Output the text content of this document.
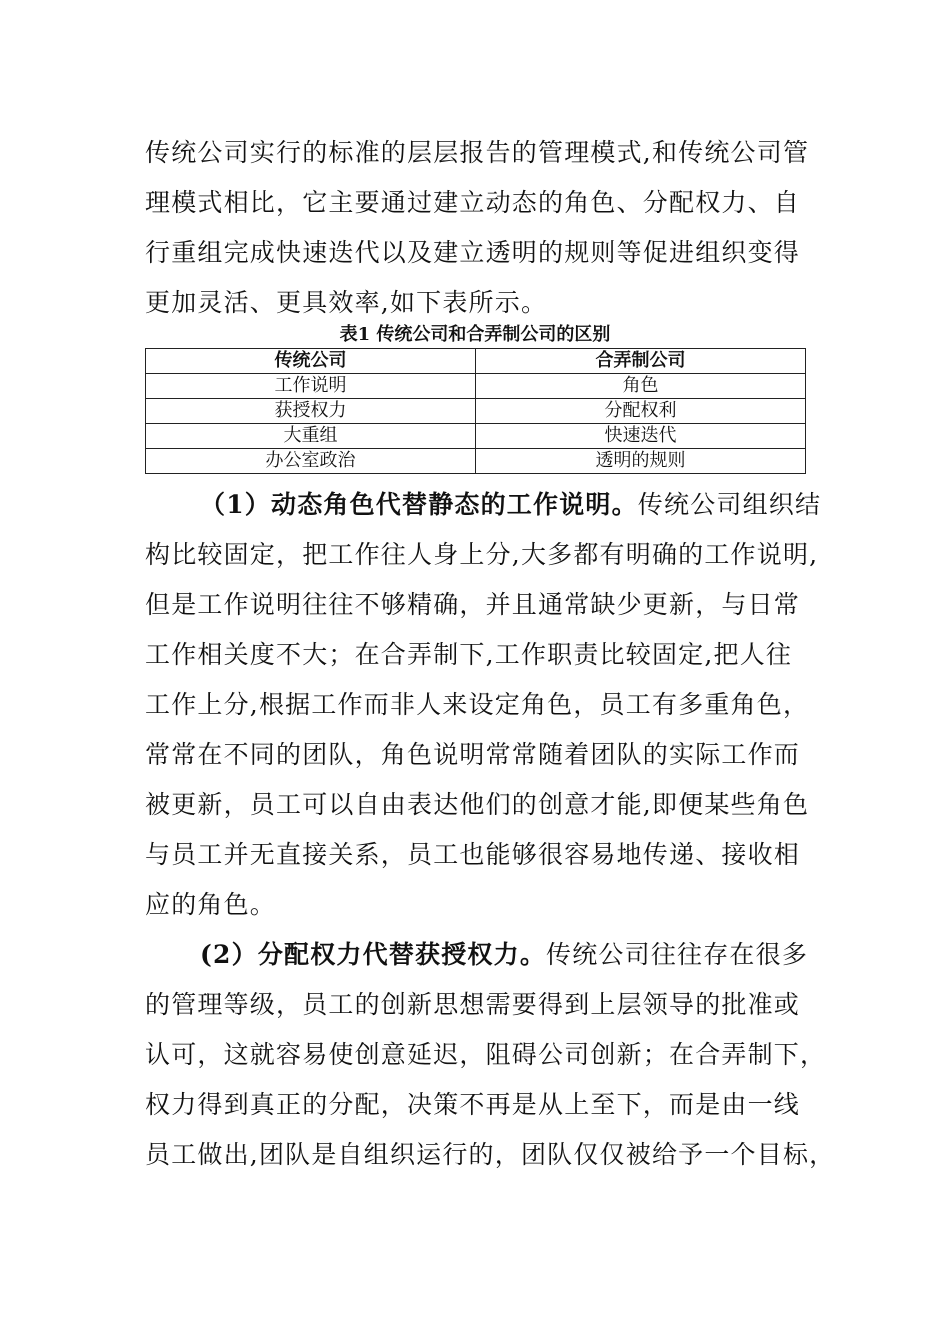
传统公司实行的标准的层层报告的管理模式,和传统公司管
理模式相比，它主要通过建立动态的角色、分配权力、自
行重组完成快速迭代以及建立透明的规则等促进组织变得
更加灵活、更具效率,如下表所示。
表1 传统公司和合弄制公司的区别
传统公司	合弄制公司
工作说明	角色
获授权力	分配权利
大重组	快速迭代
办公室政治	透明的规则
（1）动态角色代替静态的工作说明。传统公司组织结
构比较固定，把工作往人身上分,大多都有明确的工作说明,
但是工作说明往往不够精确，并且通常缺少更新，与日常
工作相关度不大；在合弄制下,工作职责比较固定,把人往
工作上分,根据工作而非人来设定角色，员工有多重角色，
常常在不同的团队，角色说明常常随着团队的实际工作而
被更新，员工可以自由表达他们的创意才能,即便某些角色
与员工并无直接关系，员工也能够很容易地传递、接收相
应的角色。
(2）分配权力代替获授权力。传统公司往往存在很多
的管理等级，员工的创新思想需要得到上层领导的批准或
认可，这就容易使创意延迟，阻碍公司创新；在合弄制下，
权力得到真正的分配，决策不再是从上至下，而是由一线
员工做出,团队是自组织运行的，团队仅仅被给予一个目标，
